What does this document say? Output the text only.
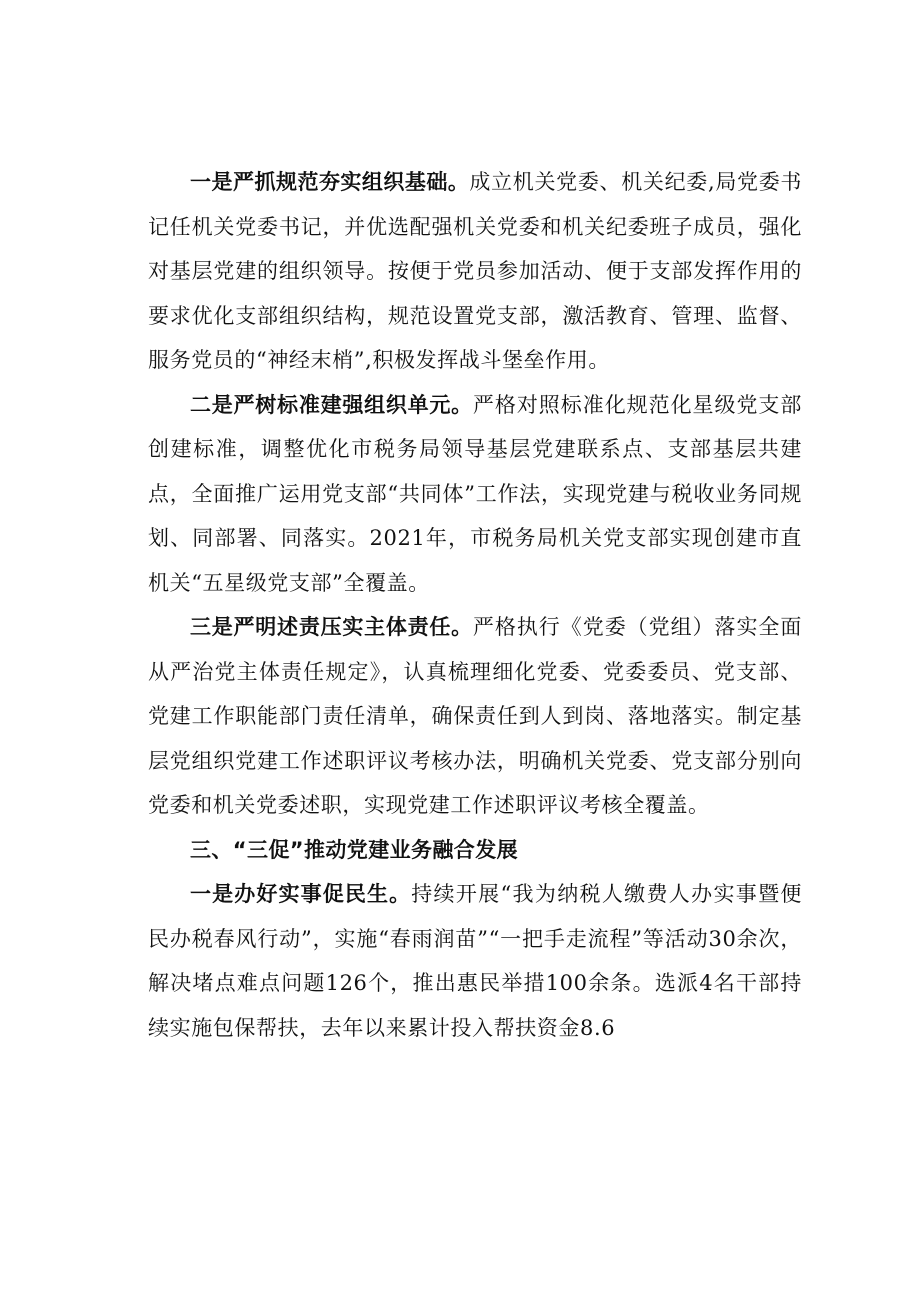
一是严抓规范夯实组织基础。成立机关党委、机关纪委,局党委书记任机关党委书记，并优选配强机关党委和机关纪委班子成员，强化对基层党建的组织领导。按便于党员参加活动、便于支部发挥作用的要求优化支部组织结构，规范设置党支部，激活教育、管理、监督、服务党员的“神经末梢”,积极发挥战斗堡垒作用。

二是严树标准建强组织单元。严格对照标准化规范化星级党支部创建标准，调整优化市税务局领导基层党建联系点、支部基层共建点，全面推广运用党支部“共同体”工作法，实现党建与税收业务同规划、同部署、同落实。2021年，市税务局机关党支部实现创建市直机关“五星级党支部”全覆盖。

三是严明述责压实主体责任。严格执行《党委（党组）落实全面从严治党主体责任规定》，认真梳理细化党委、党委委员、党支部、党建工作职能部门责任清单，确保责任到人到岗、落地落实。制定基层党组织党建工作述职评议考核办法，明确机关党委、党支部分别向党委和机关党委述职，实现党建工作述职评议考核全覆盖。

三、“三促”推动党建业务融合发展

一是办好实事促民生。持续开展“我为纳税人缴费人办实事暨便民办税春风行动”，实施“春雨润苗”“一把手走流程”等活动30余次，解决堵点难点问题126个，推出惠民举措100余条。选派4名干部持续实施包保帮扶，去年以来累计投入帮扶资金8.6
